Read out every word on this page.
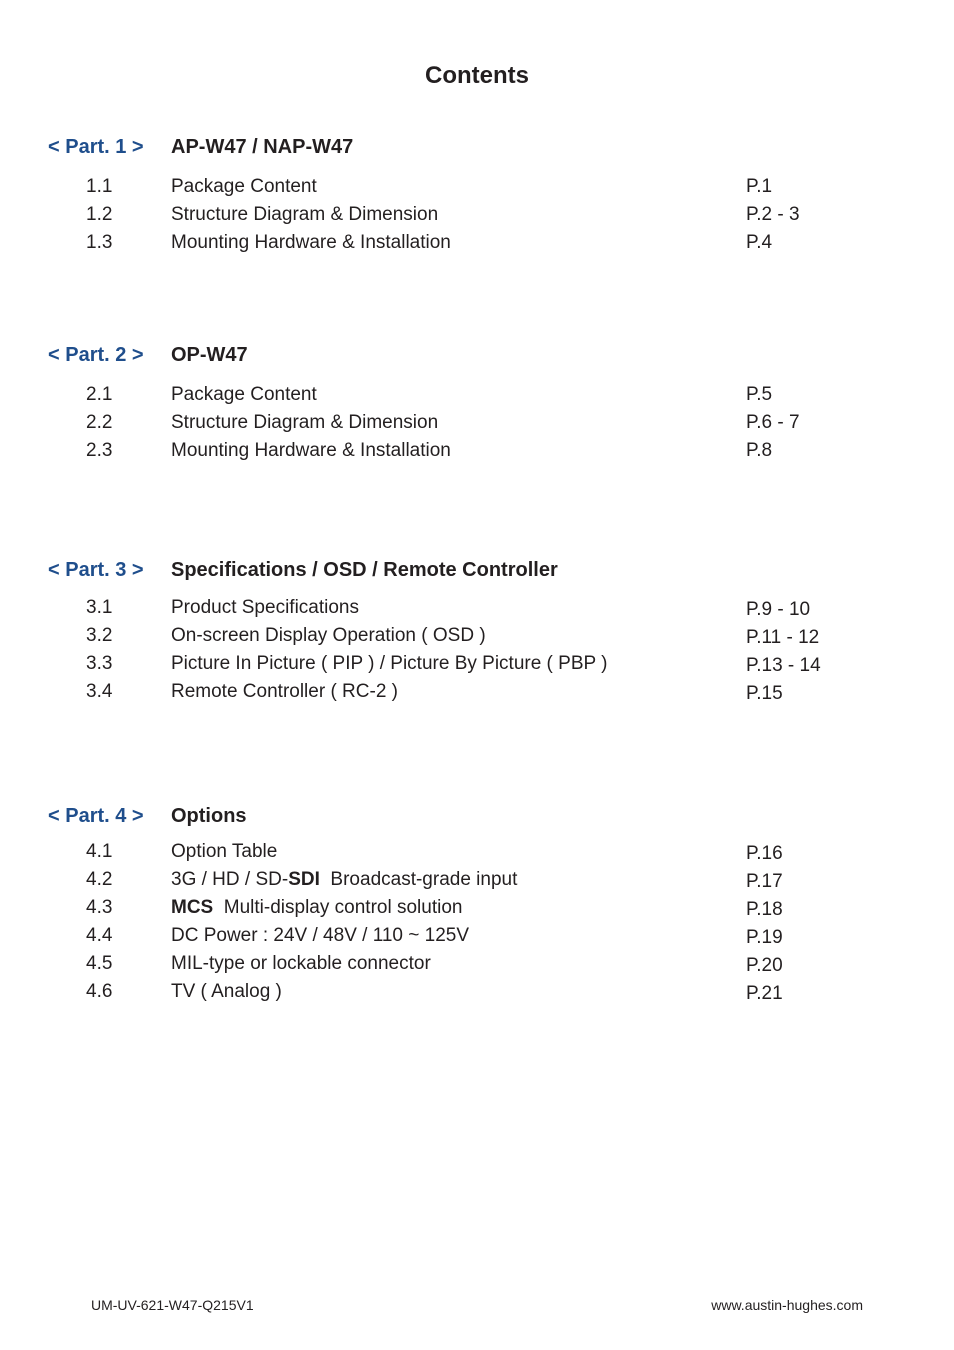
Contents
< Part. 1 > AP-W47 / NAP-W47
1.1	Package Content	P.1
1.2	Structure Diagram & Dimension	P.2 - 3
1.3	Mounting Hardware & Installation	P.4
< Part. 2 > OP-W47
2.1	Package Content	P.5
2.2	Structure Diagram & Dimension	P.6 - 7
2.3	Mounting Hardware & Installation	P.8
< Part. 3 > Specifications / OSD / Remote Controller
3.1	Product Specifications	P.9 - 10
3.2	On-screen Display Operation ( OSD )	P.11 - 12
3.3	Picture In Picture ( PIP ) / Picture By Picture ( PBP )	P.13 - 14
3.4	Remote Controller ( RC-2 )	P.15
< Part. 4 > Options
4.1	Option Table	P.16
4.2	3G / HD / SD-SDI  Broadcast-grade input	P.17
4.3	MCS  Multi-display control solution	P.18
4.4	DC Power : 24V / 48V / 110 ~ 125V	P.19
4.5	MIL-type or lockable connector	P.20
4.6	TV ( Analog )	P.21
UM-UV-621-W47-Q215V1	www.austin-hughes.com
